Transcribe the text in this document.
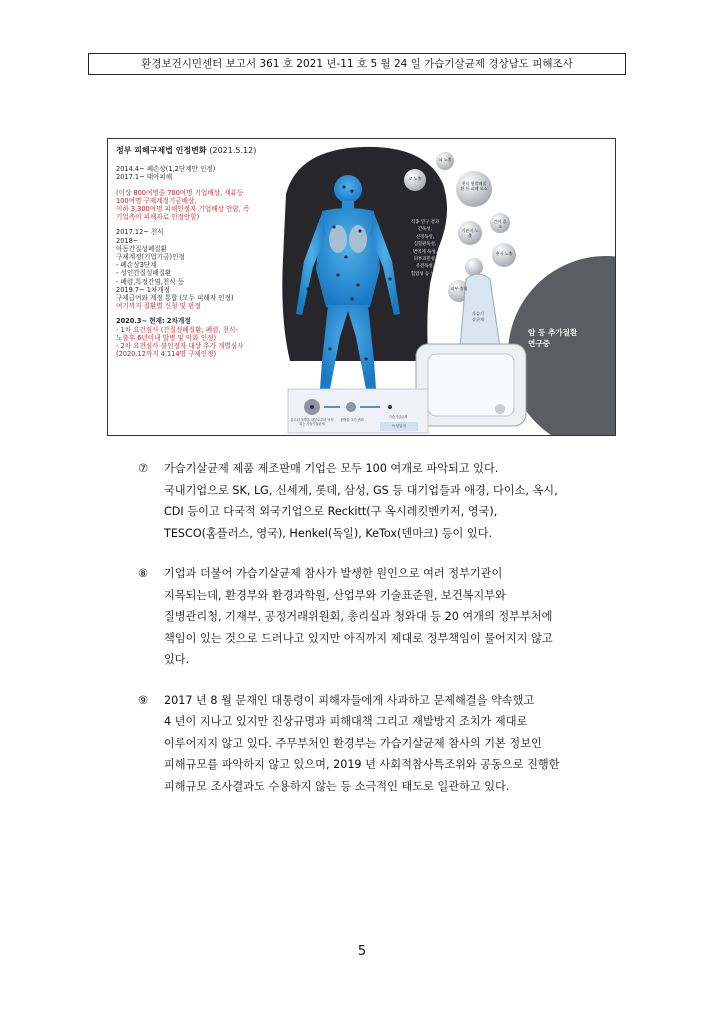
환경보건시민센터 보고서 361 호 2021 년-11 호 5 월 24 일 가습기살균제 경상남도 피해조사
정부 피해구제법 인정변화 (2021.5.12)
2014.4~ 폐손상(1,2단계만 인정)
2017.1~ 태아피해
(이상 800여명중 700여명 기업배상, 세퓨등
100여명 구제계정기금배상,
이하 3,300여명 피해인정자 기업배상 안함, 즉
기업측이 피해자로 인정안함)
2017.12~ 천식
2018~
아동간질성폐질환
구제계정(기업기금)인정
- 폐손상3단계
- 성인간질성폐질환
- 폐렴,특정간염,천식 등
2019.7~ 1차개정
구제급여와 계정 통합 (모두 피해자 인정)
여기까지 질환별 신청 및 판정
2020.3~ 현재: 2차개정
- 1차 요건심사 (간질성폐질환, 폐렴, 천식-
노출후 6년이내 발병 및 악화 인정)
- 2차 요건심사 불인정자 대상 추가 개별심사
(2020.12까지 4,114명 구제인정)
뇌 노출
코 노출
천식 원발폐질환 등 피해 포소
간이 증소
기관지 노출
추가 노출
피부 출혈
직종 연구 결과
간독성,
신경독성,
심혈관독성,
면역계 독성,
피부과민성,
유전독성,
혈압성 등 보고
가습기
살균제
암 등 추가질환
연구중
분무된 물방울 내부로부터 낙석되는 가습기살균제
물방울 크기 변화
가습기살균제
독성입자
⑦	가습기살균제 제품 제조판매 기업은 모두 100 여개로 파악되고 있다.
국내기업으로 SK, LG, 신세계, 롯데, 삼성, GS 등 대기업들과 애경, 다이소, 옥시,
CDI 등이고 다국적 외국기업으로 Reckitt(구 옥시레킷벤키저, 영국),
TESCO(홈플러스, 영국), Henkel(독일), KeTox(덴마크) 등이 있다.
⑧	기업과 더불어 가습기살균제 참사가 발생한 원인으로 여러 정부기관이
지목되는데, 환경부와 환경과학원, 산업부와 기술표준원, 보건복지부와
질병관리청, 기재부, 공정거래위원회, 총리실과 청와대 등 20 여개의 정부부처에
책임이 있는 것으로 드러나고 있지만 아직까지 제대로 정부책임이 물어지지 않고
있다.
⑨	2017 년 8 월 문재인 대통령이 피해자들에게 사과하고 문제해결을 약속했고
4 년이 지나고 있지만 진상규명과 피해대책 그리고 재발방지 조치가 제대로
이루어지지 않고 있다. 주무부처인 환경부는 가습기살균제 참사의 기본 정보인
피해규모를 파악하지 않고 있으며, 2019 년 사회적참사특조위와 공동으로 진행한
피해규모 조사결과도 수용하지 않는 등 소극적인 태도로 일관하고 있다.
5
